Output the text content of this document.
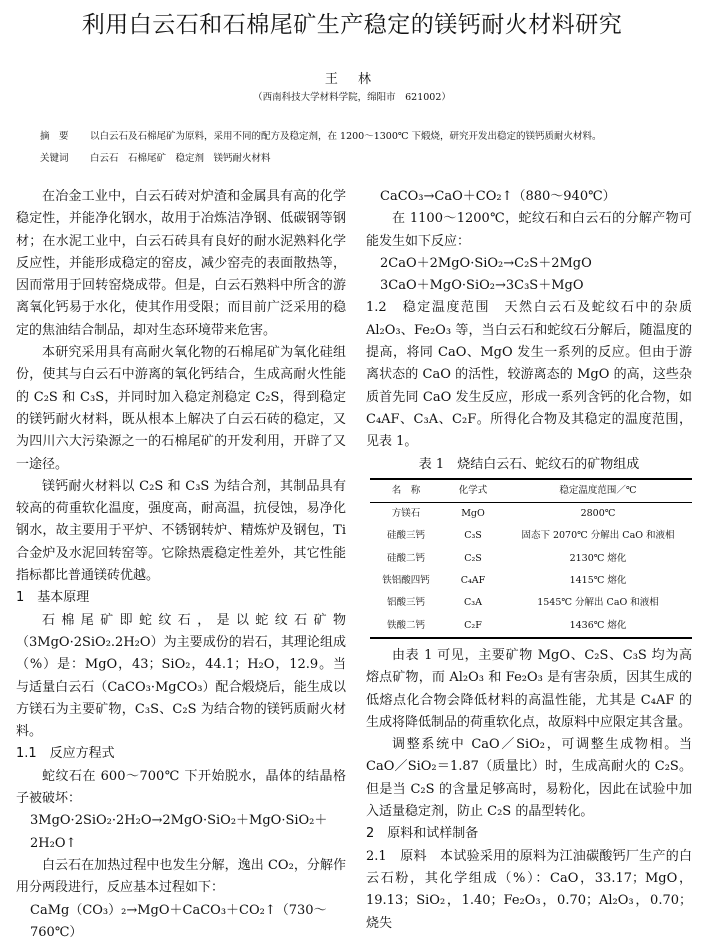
利用白云石和石棉尾矿生产稳定的镁钙耐火材料研究
王 林
（西南科技大学材料学院，绵阳市　621002）
摘　要 以白云石及石棉尾矿为原料，采用不同的配方及稳定剂，在 1200～1300℃ 下煅烧，研究开发出稳定的镁钙质耐火材料。
关键词 白云石　石棉尾矿　稳定剂　镁钙耐火材料

在冶金工业中，白云石砖对炉渣和金属具有高的化学稳定性，并能净化钢水，故用于冶炼洁净钢、低碳钢等钢材；在水泥工业中，白云石砖具有良好的耐水泥熟料化学反应性，并能形成稳定的窑皮，减少窑壳的表面散热等，因而常用于回转窑烧成带。但是，白云石熟料中所含的游离氧化钙易于水化，使其作用受限；而目前广泛采用的稳定的焦油结合制品，却对生态环境带来危害。

本研究采用具有高耐火氧化物的石棉尾矿为氧化硅组份，使其与白云石中游离的氧化钙结合，生成高耐火性能的 C₂S 和 C₃S，并同时加入稳定剂稳定 C₂S，得到稳定的镁钙耐火材料，既从根本上解决了白云石砖的稳定，又为四川六大污染源之一的石棉尾矿的开发利用，开辟了又一途径。

镁钙耐火材料以 C₂S 和 C₃S 为结合剂，其制品具有较高的荷重软化温度，强度高，耐高温，抗侵蚀，易净化钢水，故主要用于平炉、不锈钢转炉、精炼炉及钢包，Ti 合金炉及水泥回转窑等。它除热震稳定性差外，其它性能指标都比普通镁砖优越。

1　基本原理

石棉尾矿即蛇纹石，是以蛇纹石矿物（3MgO·2SiO₂.2H₂O）为主要成份的岩石，其理论组成（%）是：MgO，43；SiO₂，44.1；H₂O，12.9。当与适量白云石（CaCO₃·MgCO₃）配合煅烧后，能生成以方镁石为主要矿物，C₃S、C₂S 为结合物的镁钙质耐火材料。

1.1　反应方程式

蛇纹石在 600～700℃ 下开始脱水，晶体的结晶格子被破坏：

3MgO·2SiO₂·2H₂O→2MgO·SiO₂＋MgO·SiO₂＋

2H₂O↑

白云石在加热过程中也发生分解，逸出 CO₂，分解作用分两段进行，反应基本过程如下：

CaMg（CO₃）₂→MgO＋CaCO₃＋CO₂↑（730～

760℃）

CaCO₃→CaO＋CO₂↑（880～940℃）

在 1100～1200℃，蛇纹石和白云石的分解产物可能发生如下反应：

2CaO＋2MgO·SiO₂→C₂S＋2MgO

3CaO＋MgO·SiO₂→3C₃S＋MgO

1.2　稳定温度范围　天然白云石及蛇纹石中的杂质 Al₂O₃、Fe₂O₃ 等，当白云石和蛇纹石分解后，随温度的提高，将同 CaO、MgO 发生一系列的反应。但由于游离状态的 CaO 的活性，较游离态的 MgO 的高，这些杂质首先同 CaO 发生反应，形成一系列含钙的化合物，如 C₄AF、C₃A、C₂F。所得化合物及其稳定的温度范围，见表 1。

表 1　烧结白云石、蛇纹石的矿物组成

名　称	化学式	稳定温度范围／℃
方镁石	MgO	2800℃
硅酸三钙	C₃S	固态下 2070℃ 分解出 CaO 和液相
硅酸二钙	C₂S	2130℃ 熔化
铁铝酸四钙	C₄AF	1415℃ 熔化
铝酸三钙	C₃A	1545℃ 分解出 CaO 和液相
铁酸二钙	C₂F	1436℃ 熔化

由表 1 可见，主要矿物 MgO、C₂S、C₃S 均为高熔点矿物，而 Al₂O₃ 和 Fe₂O₃ 是有害杂质，因其生成的低熔点化合物会降低材料的高温性能，尤其是 C₄AF 的生成将降低制品的荷重软化点，故原料中应限定其含量。

调整系统中 CaO／SiO₂，可调整生成物相。当 CaO／SiO₂＝1.87（质量比）时，生成高耐火的 C₂S。但是当 C₂S 的含量足够高时，易粉化，因此在试验中加入适量稳定剂，防止 C₂S 的晶型转化。

2　原料和试样制备

2.1　原料　本试验采用的原料为江油碳酸钙厂生产的白云石粉，其化学组成（%）：CaO，33.17；MgO，19.13；SiO₂，1.40；Fe₂O₃，0.70；Al₂O₃，0.70；烧失
